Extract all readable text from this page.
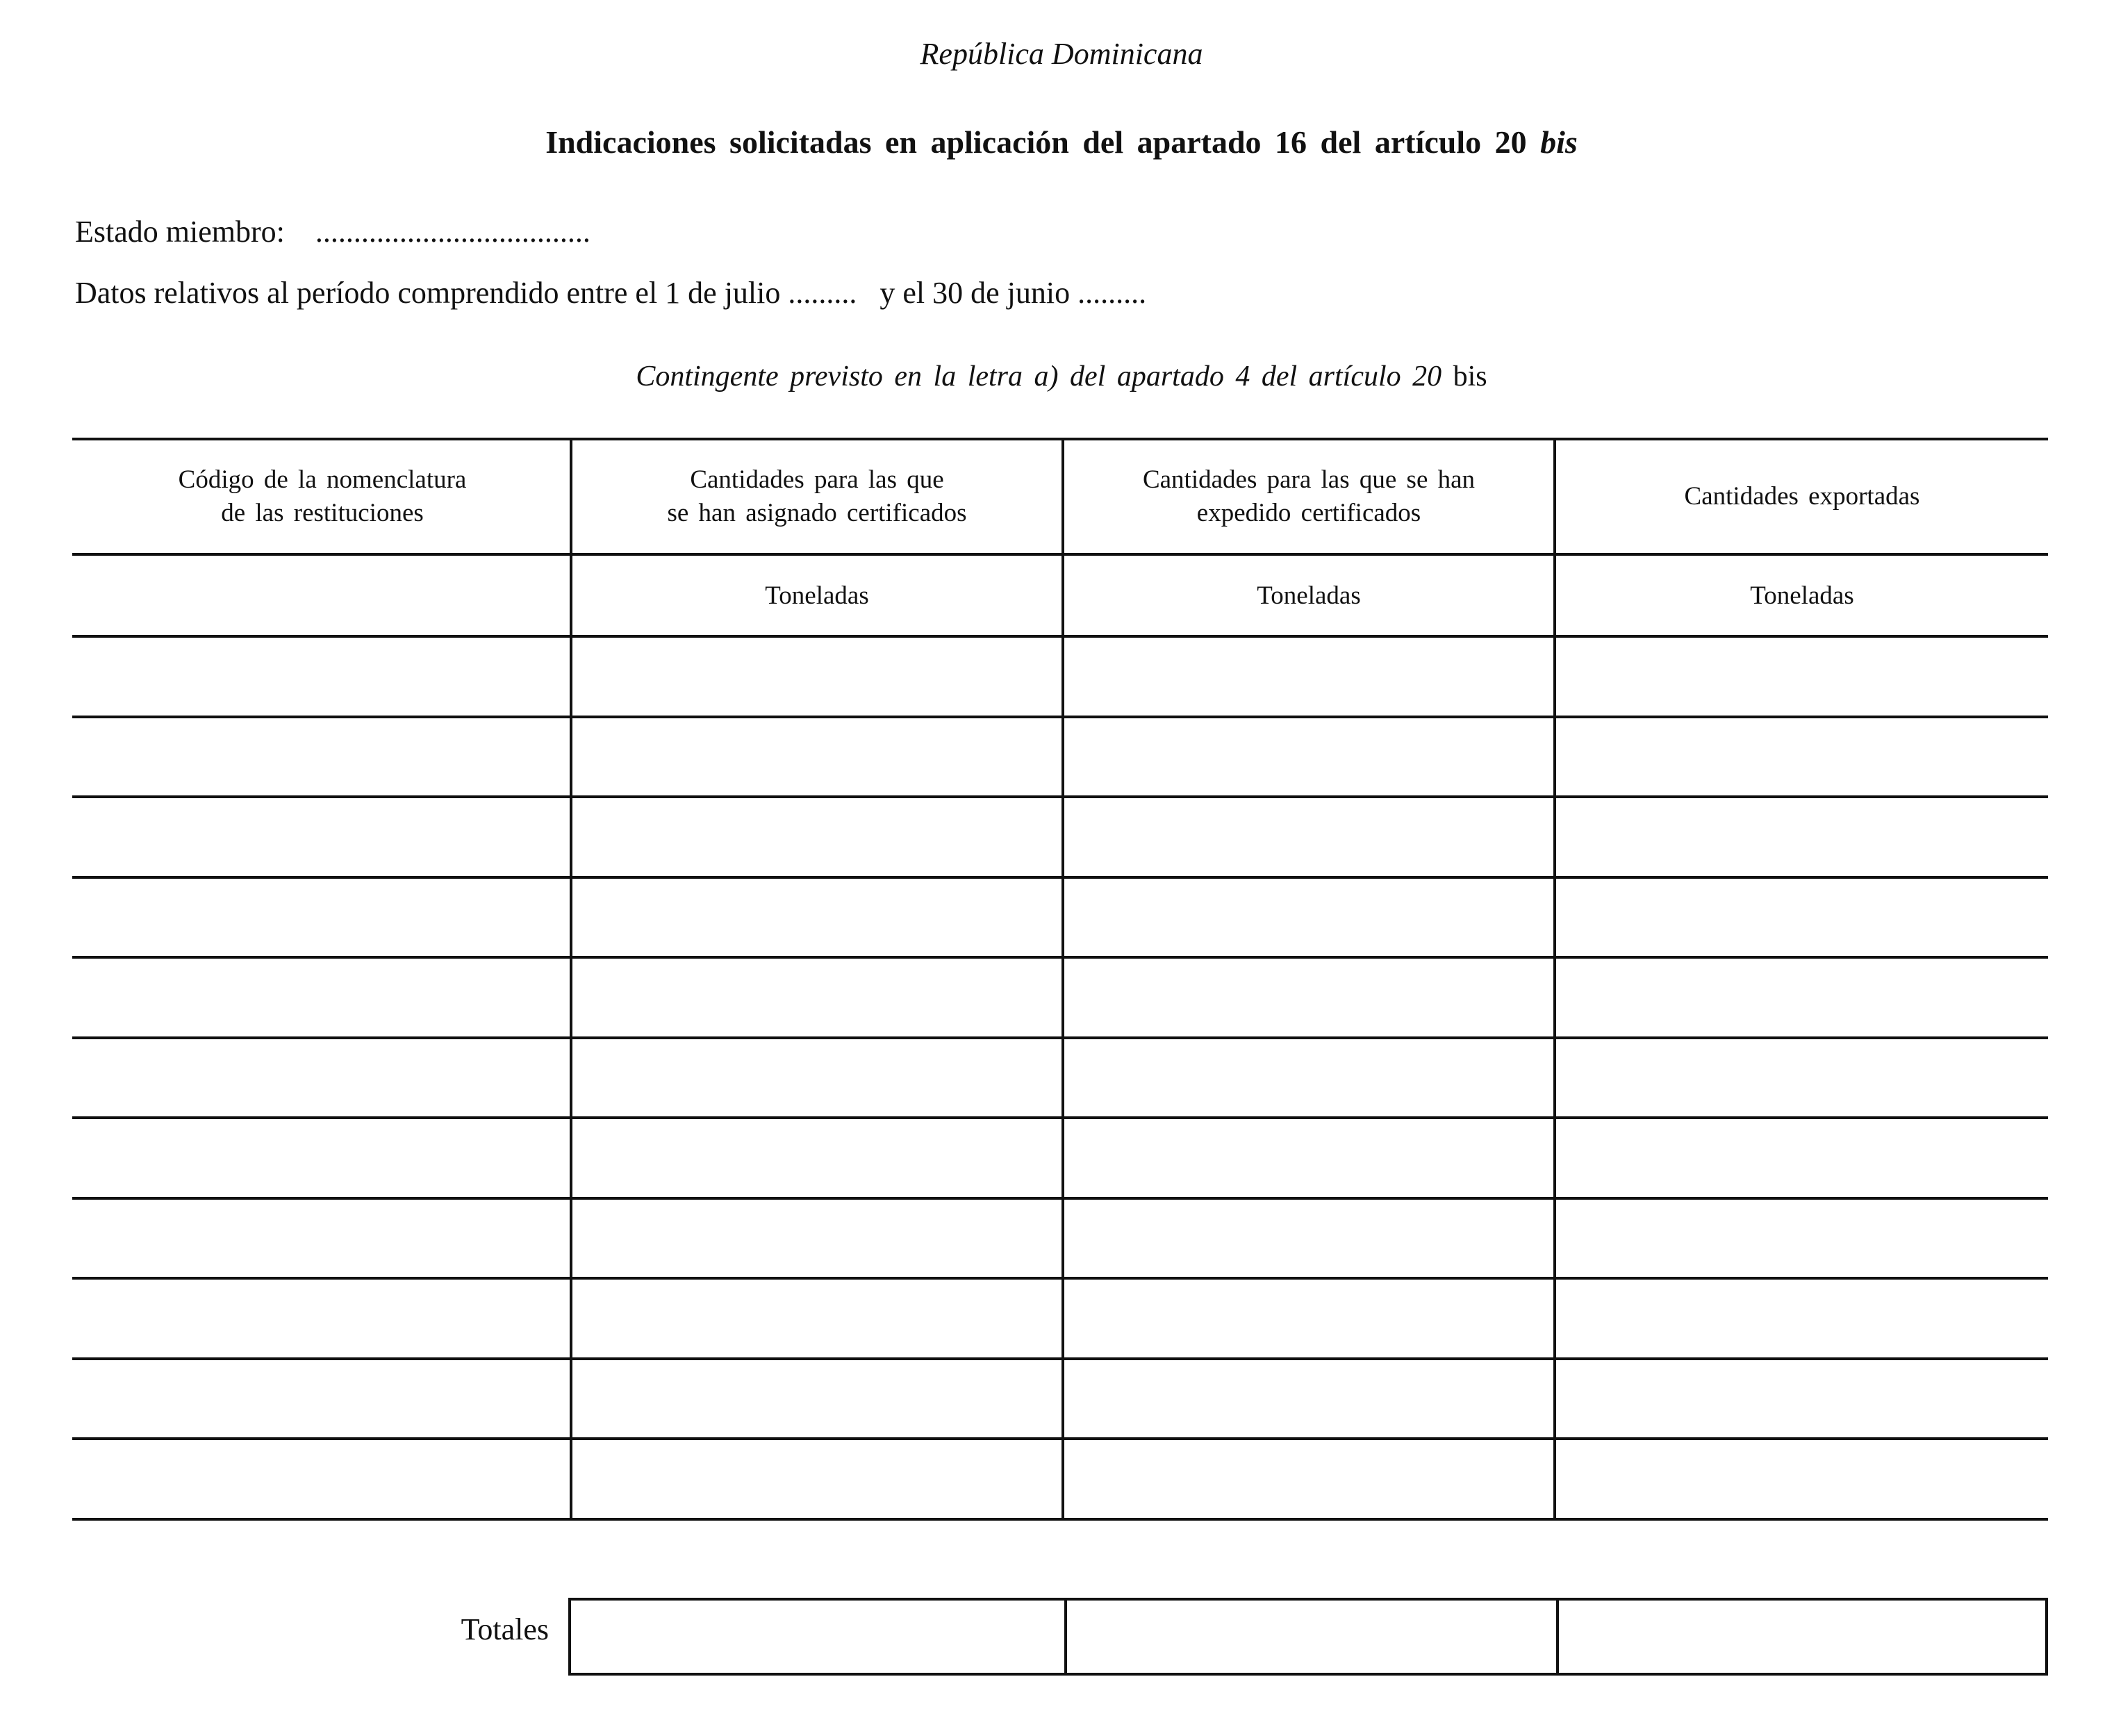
República Dominicana
Indicaciones solicitadas en aplicación del apartado 16 del artículo 20 bis
Estado miembro: ....................................
Datos relativos al período comprendido entre el 1 de julio ......... y el 30 de junio .........
Contingente previsto en la letra a) del apartado 4 del artículo 20 bis
Código de la nomenclatura
de las restituciones
Cantidades para las que
se han asignado certificados
Cantidades para las que se han
expedido certificados
Cantidades exportadas
Toneladas	Toneladas	Toneladas
Totales
